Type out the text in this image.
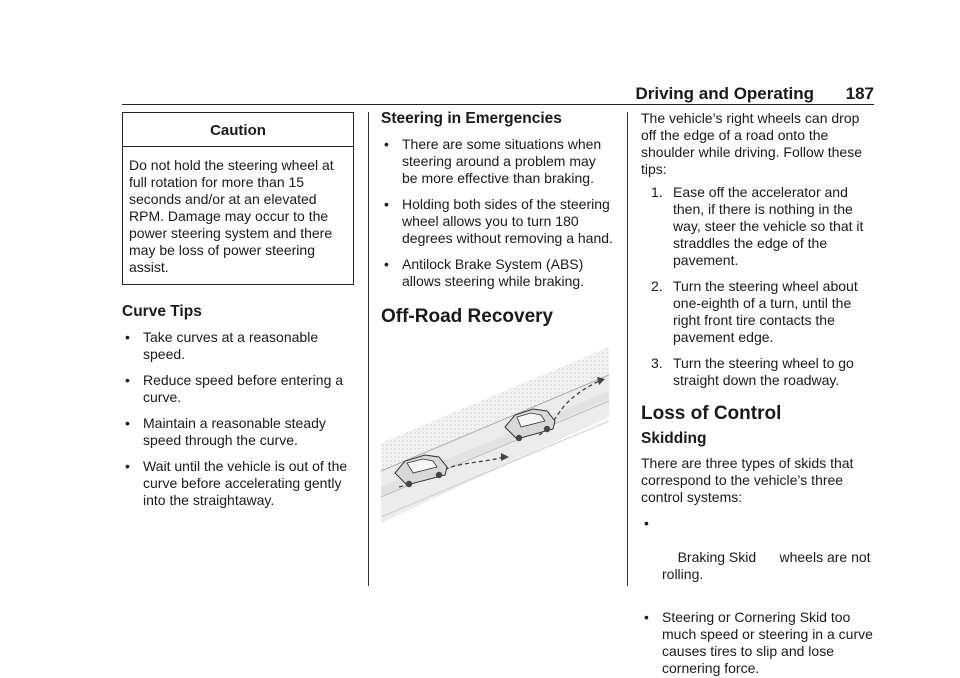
Driving and Operating 187
Caution
Do not hold the steering wheel at full rotation for more than 15 seconds and/or at an elevated RPM. Damage may occur to the power steering system and there may be loss of power steering assist.
Curve Tips
• Take curves at a reasonable speed.
• Reduce speed before entering a curve.
• Maintain a reasonable steady speed through the curve.
• Wait until the vehicle is out of the curve before accelerating gently into the straightaway.
Steering in Emergencies
• There are some situations when steering around a problem may be more effective than braking.
• Holding both sides of the steering wheel allows you to turn 180 degrees without removing a hand.
• Antilock Brake System (ABS) allows steering while braking.
Off-Road Recovery

The vehicle’s right wheels can drop off the edge of a road onto the shoulder while driving. Follow these tips:

1. Ease off the accelerator and then, if there is nothing in the way, steer the vehicle so that it straddles the edge of the pavement.
2. Turn the steering wheel about one-eighth of a turn, until the right front tire contacts the pavement edge.
3. Turn the steering wheel to go straight down the roadway.
Loss of Control
Skidding

There are three types of skids that correspond to the vehicle’s three control systems:

•

Braking Skid      wheels are not rolling.

• Steering or Cornering Skid too much speed or steering in a curve causes tires to slip and lose cornering force.
